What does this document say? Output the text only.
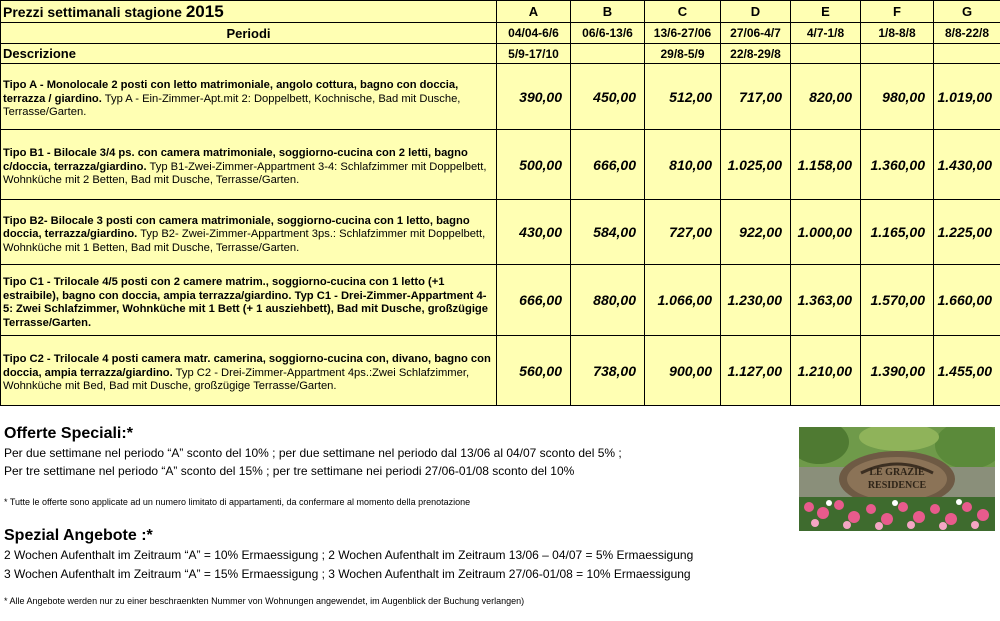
Prezzi settimanali stagione 2015	A	B	C	D	E	F	G
Periodi	04/04-6/6	06/6-13/6	13/6-27/06	27/06-4/7	4/7-1/8	1/8-8/8	8/8-22/8
Descrizione	5/9-17/10		29/8-5/9	22/8-29/8			
Tipo A - Monolocale 2 posti con letto matrimoniale, angolo cottura, bagno con doccia, terrazza / giardino. Typ A - Ein-Zimmer-Apt.mit 2: Doppelbett, Kochnische, Bad mit Dusche, Terrasse/Garten.	390,00	450,00	512,00	717,00	820,00	980,00	1.019,00
Tipo B1 - Bilocale 3/4 ps. con camera matrimoniale, soggiorno-cucina con 2 letti, bagno c/doccia, terrazza/giardino. Typ B1-Zwei-Zimmer-Appartment 3-4: Schlafzimmer mit Doppelbett, Wohnküche mit 2 Betten, Bad mit Dusche, Terrasse/Garten.	500,00	666,00	810,00	1.025,00	1.158,00	1.360,00	1.430,00
Tipo B2- Bilocale 3 posti con camera matrimoniale, soggiorno-cucina con 1 letto, bagno doccia, terrazza/giardino. Typ B2- Zwei-Zimmer-Appartment 3ps.: Schlafzimmer mit Doppelbett, Wohnküche mit 1 Betten, Bad mit Dusche, Terrasse/Garten.	430,00	584,00	727,00	922,00	1.000,00	1.165,00	1.225,00
Tipo C1 - Trilocale 4/5 posti con 2 camere matrim., soggiorno-cucina con 1 letto (+1 estraibile), bagno con doccia, ampia terrazza/giardino. Typ C1 - Drei-Zimmer-Appartment 4-5: Zwei Schlafzimmer, Wohnküche mit 1 Bett (+ 1 ausziehbett), Bad mit Dusche, großzügige Terrasse/Garten.	666,00	880,00	1.066,00	1.230,00	1.363,00	1.570,00	1.660,00
Tipo C2 - Trilocale 4 posti camera matr. camerina, soggiorno-cucina con, divano, bagno con doccia, ampia terrazza/giardino. Typ C2 - Drei-Zimmer-Appartment 4ps.:Zwei Schlafzimmer, Wohnküche mit Bed, Bad mit Dusche, großzügige Terrasse/Garten.	560,00	738,00	900,00	1.127,00	1.210,00	1.390,00	1.455,00
Offerte Speciali:*
Per due settimane nel periodo “A” sconto del 10% ; per due settimane nel periodo dal 13/06 al 04/07 sconto del 5% ;
Per tre settimane nel periodo “A” sconto del 15% ; per tre settimane nei periodi 27/06-01/08 sconto del 10%
* Tutte le offerte sono applicate ad un numero limitato di appartamenti, da confermare al momento della prenotazione
Spezial Angebote :*
2 Wochen Aufenthalt im Zeitraum “A” = 10% Ermaessigung ; 2 Wochen Aufenthalt im Zeitraum 13/06 – 04/07 = 5% Ermaessigung
3 Wochen Aufenthalt im Zeitraum “A” = 15% Ermaessigung ; 3 Wochen Aufenthalt im Zeitraum 27/06-01/08 = 10% Ermaessigung
* Alle Angebote werden nur zu einer beschraenkten Nummer von Wohnungen angewendet, im Augenblick der Buchung verlangen)
LE GRAZIE
RESIDENCE
